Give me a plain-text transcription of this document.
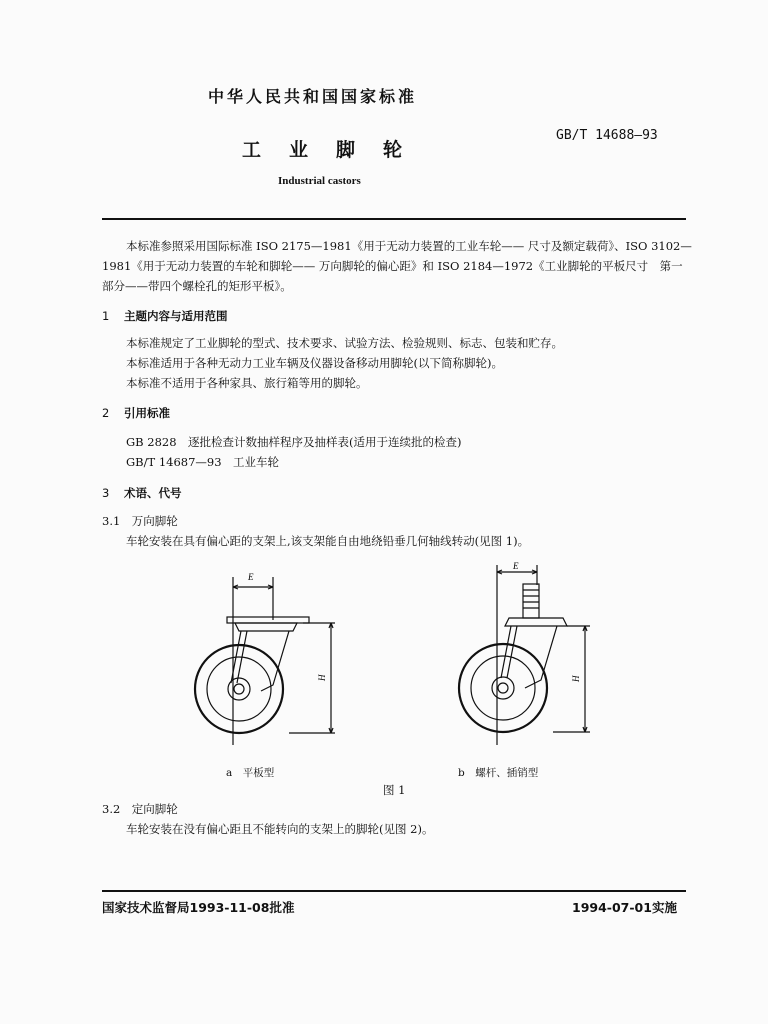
中华人民共和国国家标准
工业脚轮
GB/T 14688—93
Industrial castors
本标准参照采用国际标准 ISO 2175—1981《用于无动力装置的工业车轮—— 尺寸及额定载荷》、ISO 3102—1981《用于无动力装置的车轮和脚轮—— 万向脚轮的偏心距》和 ISO 2184—1972《工业脚轮的平板尺寸　第一部分——带四个螺栓孔的矩形平板》。
1 主题内容与适用范围
本标准规定了工业脚轮的型式、技术要求、试验方法、检验规则、标志、包装和贮存。
本标准适用于各种无动力工业车辆及仪器设备移动用脚轮(以下简称脚轮)。
本标准不适用于各种家具、旅行箱等用的脚轮。
2 引用标准
GB 2828　逐批检查计数抽样程序及抽样表(适用于连续批的检查)
GB/T 14687—93　工业车轮
3 术语、代号
3.1　 万向脚轮
车轮安装在具有偏心距的支架上,该支架能自由地绕铅垂几何轴线转动(见图 1)。
E
H
a　平板型
E
H
b　螺杆、插销型
图 1
3.2　 定向脚轮
车轮安装在没有偏心距且不能转向的支架上的脚轮(见图 2)。
国家技术监督局1993-11-08批准	1994-07-01实施
